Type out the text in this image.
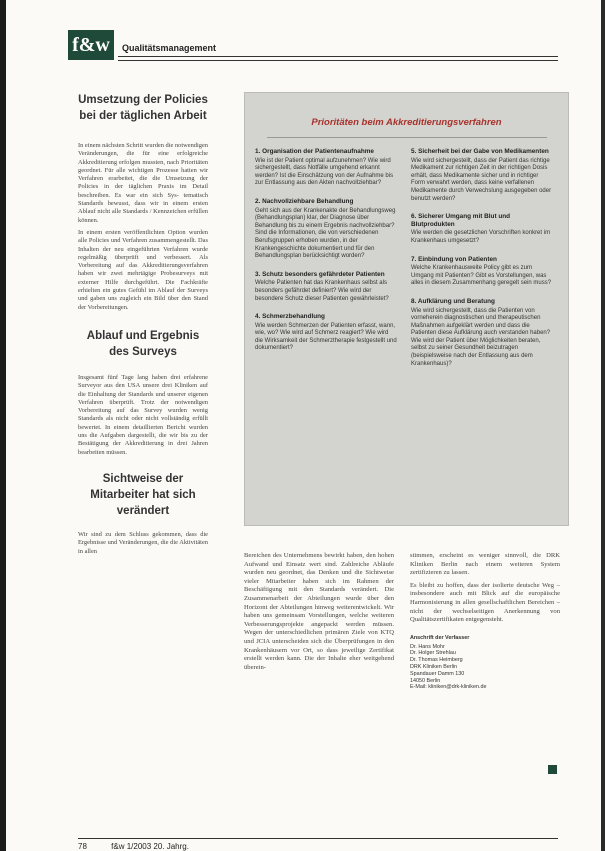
f&w	Qualitätsmanagement
Umsetzung der Policies bei der täglichen Arbeit

In einem nächsten Schritt wurden die notwendigen Veränderungen, die für eine erfolgreiche Akkreditierung erfolgen mussten, nach Prioritäten geordnet. Für alle wichtigen Prozesse hatten wir Verfahren erarbeitet, die die Umsetzung der Policies in der täglichen Praxis im Detail beschreiben. Es war ein sich Sys- tematisch Standards bewusst, dass wir in einem ersten Ablauf nicht alle Standards / Kennzeichen erfüllen können.

In einem ersten veröffentlichten Option wurden alle Policies und Verfahren zusammengestellt. Das Inhalten der neu eingeführten Verfahren wurde regelmäßig überprüft und verbessert. Als Vorbereitung auf das Akkreditierungsverfahren haben wir zwei mehrtägige Probesurveys mit externer Hilfe durchgeführt. Die Fachkräfte erhielten ein gutes Gefühl im Ablauf der Surveys und gaben uns zugleich ein Bild über den Stand der Vorbereitungen.

Ablauf und Ergebnis des Surveys

Insgesamt fünf Tage lang haben drei erfahrene Surveyor aus den USA unsere drei Kliniken auf die Einhaltung der Standards und unserer eigenen Verfahren überprüft. Trotz der notwendigen Vorbereitung auf das Survey wurden wenig Standards als nicht oder nicht vollständig erfüllt bewertet. In einem detaillierten Bericht wurden uns die Aufgaben dargestellt, die wir bis zu der Bestätigung der Akkreditierung in drei Jahren bearbeiten müssen.

Sichtweise der Mitarbeiter hat sich verändert

Wir sind zu dem Schluss gekommen, dass die Ergebnisse und Veränderungen, die die Aktivitäten in allen

Prioritäten beim Akkreditierungsverfahren
1. Organisation der Patientenaufnahme

Wie ist der Patient optimal aufzunehmen? Wie wird sichergestellt, dass Notfälle umgehend erkannt werden? Ist die Einschätzung von der Aufnahme bis zur Entlassung aus den Akten nachvollziehbar?

2. Nachvollziehbare Behandlung

Geht sich aus der Krankenakte der Behandlungsweg (Behandlungsplan) klar, der Diagnose über Behandlung bis zu einem Ergebnis nachvollziehbar? Sind die Informationen, die von verschiedenen Berufsgruppen erhoben wurden, in der Krankengeschichte dokumentiert und für den Behandlungsplan berücksichtigt worden?

3. Schutz besonders gefährdeter Patienten

Welche Patienten hat das Krankenhaus selbst als besonders gefährdet definiert? Wie wird der besondere Schutz dieser Patienten gewährleistet?

4. Schmerzbehandlung

Wie werden Schmerzen der Patienten erfasst, wann, wie, wo? Wie wird auf Schmerz reagiert? Wie wird die Wirksamkeit der Schmerztherapie festgestellt und dokumentiert?

5. Sicherheit bei der Gabe von Medikamenten

Wie wird sichergestellt, dass der Patient das richtige Medikament zur richtigen Zeit in der richtigen Dosis erhält, dass Medikamente sicher und in richtiger Form verwahrt werden, dass keine verfallenen Medikamente durch Verwechslung ausgegeben oder benutzt werden?

6. Sicherer Umgang mit Blut und Blutprodukten

Wie werden die gesetzlichen Vorschriften konkret im Krankenhaus umgesetzt?

7. Einbindung von Patienten

Welche Krankenhausweite Policy gibt es zum Umgang mit Patienten? Gibt es Vorstellungen, was alles in diesem Zusammenhang geregelt sein muss?

8. Aufklärung und Beratung

Wie wird sichergestellt, dass die Patienten von vorneherein diagnostischen und therapeutischen Maßnahmen aufgeklärt werden und dass die Patienten diese Aufklärung auch verstanden haben? Wie wird der Patient über Möglichkeiten beraten, selbst zu seiner Gesundheit beizutragen (beispielsweise nach der Entlassung aus dem Krankenhaus)?

Bereichen des Unternehmens bewirkt haben, den hohen Aufwand und Einsatz wert sind. Zahlreiche Abläufe wurden neu geordnet, das Denken und die Sichtweise vieler Mitarbeiter haben sich im Rahmen der Beschäftigung mit den Standards verändert. Die Zusammenarbeit der Abteilungen wurde über den Horizont der Abteilungen hinweg weiterentwickelt. Wir haben uns gemeinsam Vorstellungen, welche weiteren Verbesserungsprojekte angepackt werden müssen. Wegen der unterschiedlichen primären Ziele von KTQ und JCIA unterscheiden sich die Überprüfungen in den Krankenhäusern vor Ort, so dass jeweilige Zertifikat erstellt werden kann. Die der Inhalte eher weitgehend überein-

stimmen, erscheint es weniger sinnvoll, die DRK Kliniken Berlin nach einem weiteren System zertifizieren zu lassen.

Es bleibt zu hoffen, dass der isolierte deutsche Weg – insbesondere auch mit Blick auf die europäische Harmonisierung in allen gesellschaftlichen Bereichen – nicht der wechselseitigen Anerkennung von Qualitätszertifikaten entgegensteht.

Anschrift der Verfasser
Dr. Hans Mohr
Dr. Holger Strehlau
Dr. Thomas Heimberg
DRK Kliniken Berlin
Spandauer Damm 130
14050 Berlin
E-Mail: kliniken@drk-kliniken.de
78	f&w 1/2003 20. Jahrg.
